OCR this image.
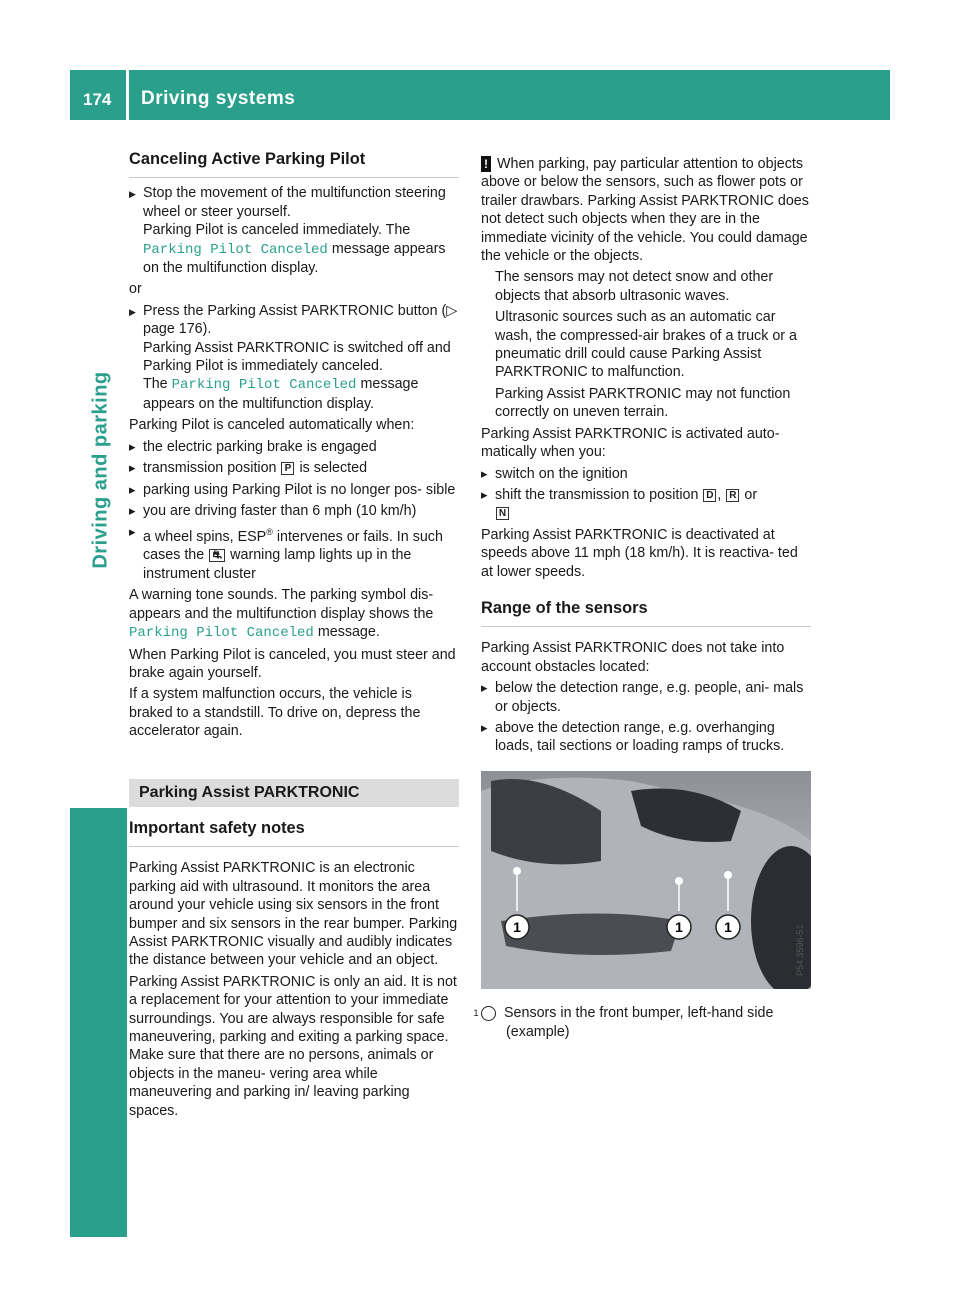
174 Driving systems
Driving and parking
Canceling Active Parking Pilot
▶ Stop the movement of the multifunction steering wheel or steer yourself.
Parking Pilot is canceled immediately. The Parking Pilot Canceled message appears on the multifunction display.

or

▶ Press the Parking Assist PARKTRONIC button (▷ page 176).
Parking Assist PARKTRONIC is switched off and Parking Pilot is immediately canceled.
The Parking Pilot Canceled message appears on the multifunction display.

Parking Pilot is canceled automatically when:

▸ the electric parking brake is engaged
▸ transmission position P is selected
▸ parking using Parking Pilot is no longer pos- sible
▸ you are driving faster than 6 mph (10 km/h)
▸ a wheel spins, ESP® intervenes or fails. In such cases the ⛐ warning lamp lights up in the instrument cluster

A warning tone sounds. The parking symbol dis- appears and the multifunction display shows the Parking Pilot Canceled message.

When Parking Pilot is canceled, you must steer and brake again yourself.

If a system malfunction occurs, the vehicle is braked to a standstill. To drive on, depress the accelerator again.

Parking Assist PARKTRONIC
Important safety notes

Parking Assist PARKTRONIC is an electronic parking aid with ultrasound. It monitors the area around your vehicle using six sensors in the front bumper and six sensors in the rear bumper. Parking Assist PARKTRONIC visually and audibly indicates the distance between your vehicle and an object.

Parking Assist PARKTRONIC is only an aid. It is not a replacement for your attention to your immediate surroundings. You are always responsible for safe maneuvering, parking and exiting a parking space. Make sure that there are no persons, animals or objects in the maneu- vering area while maneuvering and parking in/ leaving parking spaces.

! When parking, pay particular attention to objects above or below the sensors, such as flower pots or trailer drawbars. Parking Assist PARKTRONIC does not detect such objects when they are in the immediate vicinity of the vehicle. You could damage the vehicle or the objects.

The sensors may not detect snow and other objects that absorb ultrasonic waves.

Ultrasonic sources such as an automatic car wash, the compressed-air brakes of a truck or a pneumatic drill could cause Parking Assist PARKTRONIC to malfunction.

Parking Assist PARKTRONIC may not function correctly on uneven terrain.

Parking Assist PARKTRONIC is activated auto- matically when you:

▸ switch on the ignition
▸ shift the transmission to position D , R or
N

Parking Assist PARKTRONIC is deactivated at speeds above 11 mph (18 km/h). It is reactiva- ted at lower speeds.

Range of the sensors

Parking Assist PARKTRONIC does not take into account obstacles located:

▸ below the detection range, e.g. people, ani- mals or objects.
▸ above the detection range, e.g. overhanging loads, tail sections or loading ramps of trucks.
1	1	1	P54.3596-51

1 Sensors in the front bumper, left-hand side (example)
